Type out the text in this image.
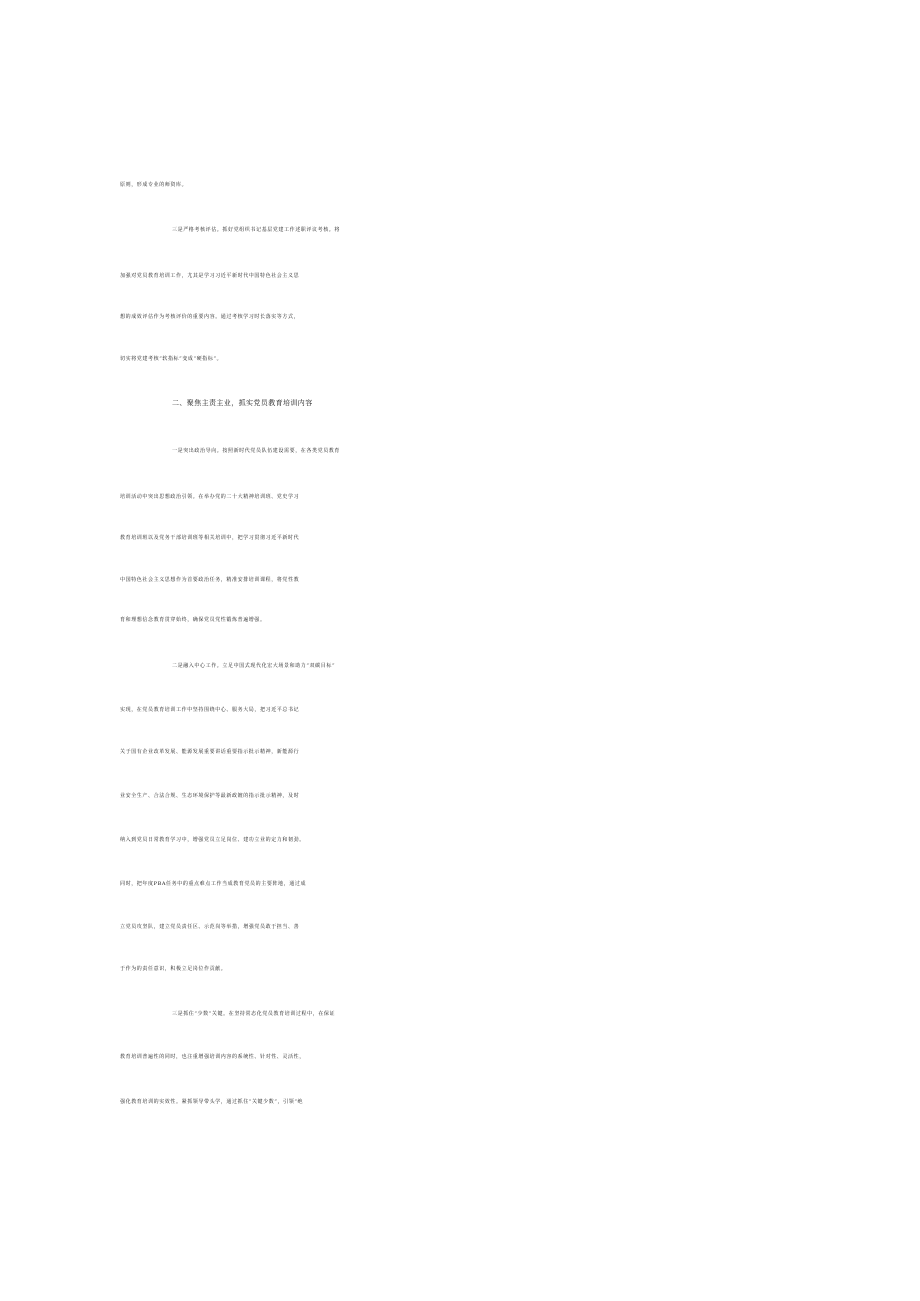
原则，形成专业的师资库。
三是严格考核评估。抓好党组织书记基层党建工作述职评议考核。将
加强对党员教育培训工作，尤其是学习习近平新时代中国特色社会主义思
想的成效评估作为考核评价的重要内容。通过考核学习时长落实等方式，
切实将党建考核“软指标”变成“硬指标”。
二、聚焦主责主业，抓实党员教育培训内容
一是突出政治导向。按照新时代党员队伍建设需要，在各类党员教育
培训活动中突出思想政治引领。在举办党的二十大精神培训班、党史学习
教育培训班以及党务干部培训班等相关培训中，把学习贯彻习近平新时代
中国特色社会主义思想作为首要政治任务，精准安排培训课程，将党性教
育和理想信念教育贯穿始终，确保党员党性锻炼普遍增强。
二是融入中心工作。立足中国式现代化宏大场景和助力“双碳目标”
实现，在党员教育培训工作中坚持围绕中心、服务大局，把习近平总书记
关于国有企业改革发展、能源发展重要讲话重要指示批示精神，新能源行
业安全生产、合法合规、生态环境保护等最新政镀的指示批示精神，及时
纳入到党员日常教育学习中，增强党员立足岗位、建功立业的定力和韧劲。
同时，把年度PBA任务中的重点难点工作当成教育党员的主要阵地，通过成
立党员攻坚队，建立党员责任区、示范岗等举措，增强党员敢于担当、善
于作为的责任意识，积极立足岗位作贡献。
三是抓住“少数”关键。在坚持常态化党员教育培训过程中，在保证
教育培训普遍性的同时，也注重增强培训内容的系统性、针对性、灵活性，
强化教育培训的实效性。紧抓领导带头学，通过抓住“关键少数”，引领“绝
